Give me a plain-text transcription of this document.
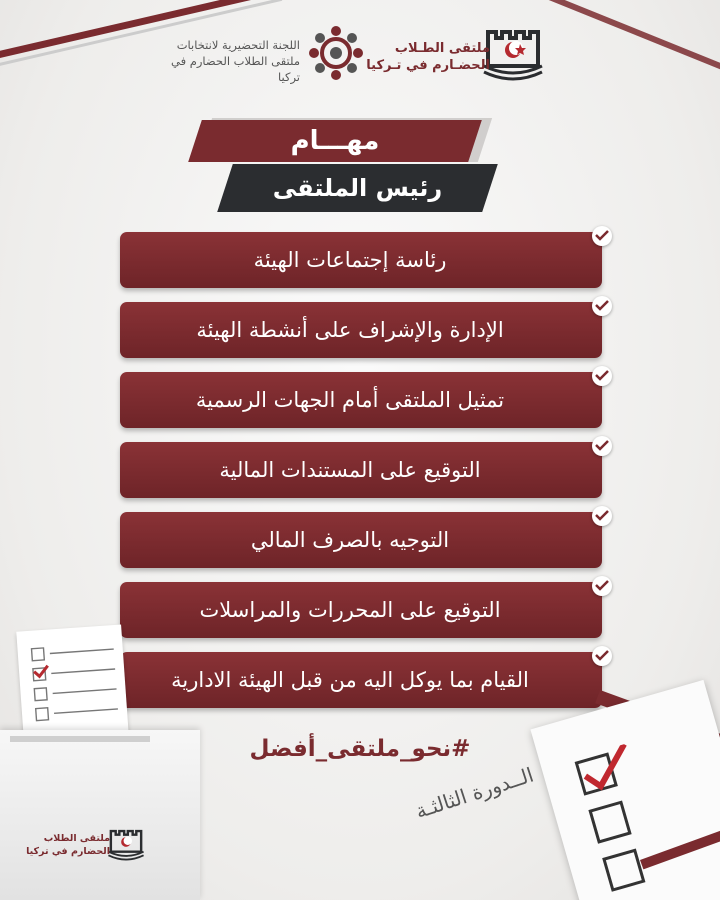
ملتقى الطـلاب
الحضـارم في تـركيا
اللجنة التحضيرية لانتخابات
ملتقى الطلاب الحضارم في تركيا
مهـــام
رئيس الملتقى
رئاسة إجتماعات الهيئة
الإدارة والإشراف على أنشطة الهيئة
تمثيل الملتقى أمام الجهات الرسمية
التوقيع على المستندات المالية
التوجيه بالصرف المالي
التوقيع على المحررات والمراسلات
القيام بما يوكل اليه من قبل الهيئة الادارية
ملتقى الطلاب
الحضارم في تركيا
#نحو_ملتقى_أفضل
الــدورة الثالثـة
